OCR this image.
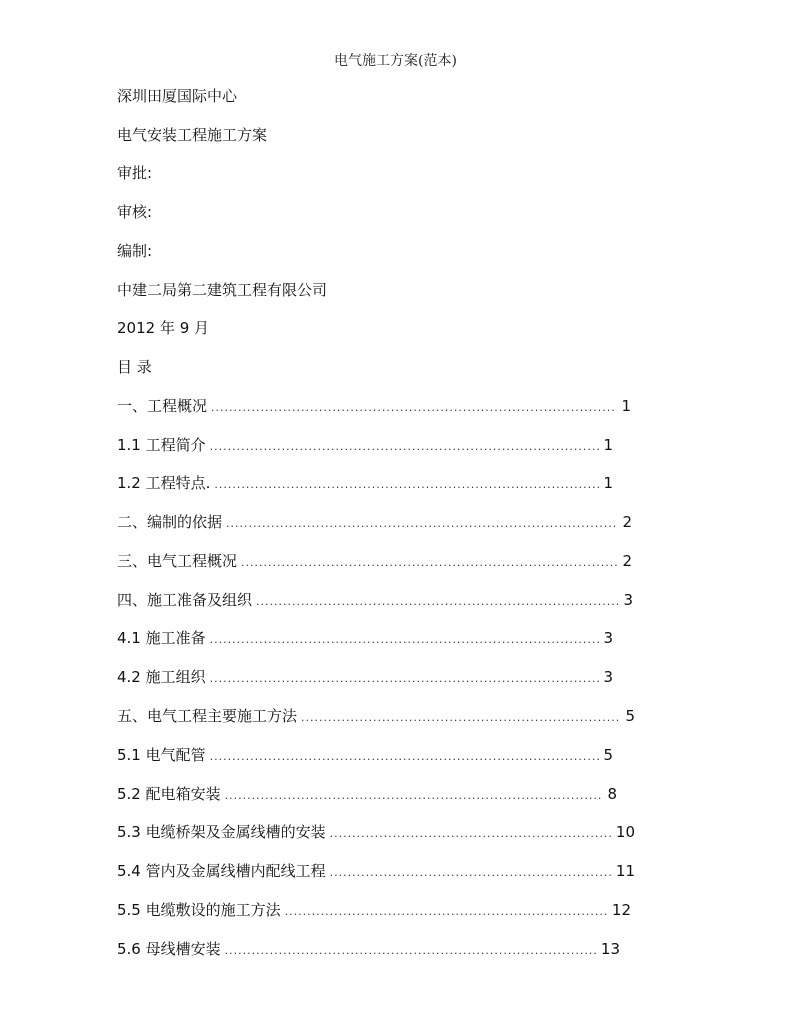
电气施工方案(范本)
深圳田厦国际中心
电气安装工程施工方案
审批:
审核:
编制:
中建二局第二建筑工程有限公司
2012 年 9 月
目 录
一、工程概况 .....	1
1.1 工程简介 .....	1
1.2 工程特点. .....	1
二、编制的依据 .....	2
三、电气工程概况 .....	2
四、施工准备及组织 .....	3
4.1 施工准备 .....	3
4.2 施工组织 .....	3
五、电气工程主要施工方法 .....	5
5.1 电气配管 .....	5
5.2 配电箱安装 .....	8
5.3 电缆桥架及金属线槽的安装 .....	10
5.4 管内及金属线槽内配线工程 .....	11
5.5 电缆敷设的施工方法 .....	12
5.6 母线槽安装 .....	13
